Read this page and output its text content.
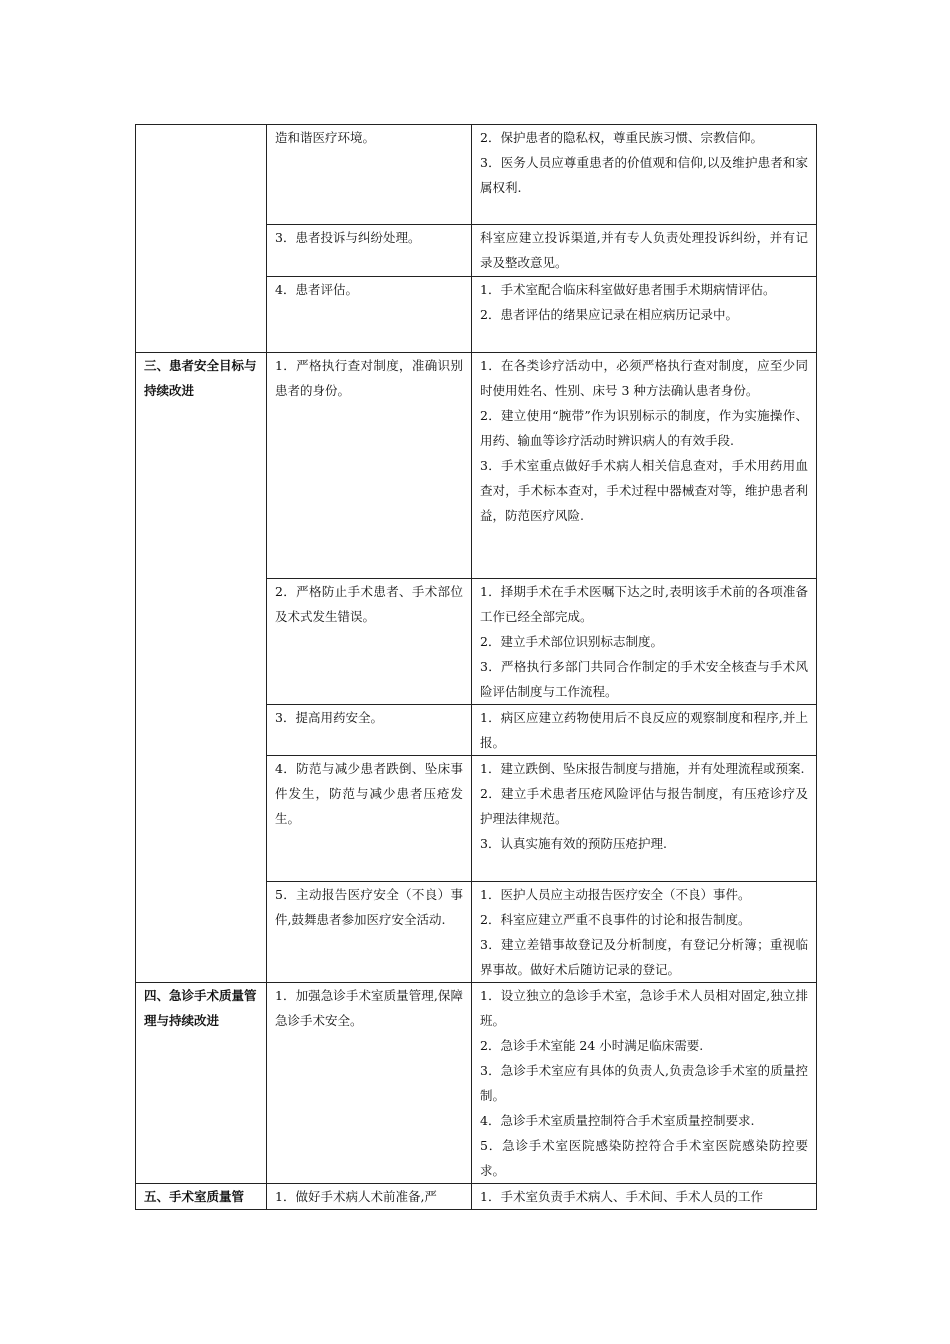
	造和谐医疗环境。	2．保护患者的隐私权，尊重民族习惯、宗教信仰。

3．医务人员应尊重患者的价值观和信仰,以及维护患者和家属权利.

	3．患者投诉与纠纷处理。	科室应建立投诉渠道,并有专人负责处理投诉纠纷，并有记录及整改意见。

	4．患者评估。	1．手术室配合临床科室做好患者围手术期病情评估。

2．患者评估的绪果应记录在相应病历记录中。

三、患者安全目标与持续改进	1．严格执行查对制度，准确识别患者的身份。	1．在各类诊疗活动中，必须严格执行查对制度，应至少同时使用姓名、性别、床号 3 种方法确认患者身份。

2．建立使用“腕带”作为识别标示的制度，作为实施操作、用药、输血等诊疗活动时辨识病人的有效手段.

3．手术室重点做好手术病人相关信息查对，手术用药用血查对，手术标本查对，手术过程中器械查对等，维护患者利益，防范医疗风险.

	2．严格防止手术患者、手术部位及术式发生错误。	1．择期手术在手术医嘱下达之时,表明该手术前的各项准备工作已经全部完成。

2．建立手术部位识别标志制度。

3．严格执行多部门共同合作制定的手术安全核查与手术风险评估制度与工作流程。

	3．提高用药安全。	1．病区应建立药物使用后不良反应的观察制度和程序,并上报。

	4．防范与减少患者跌倒、坠床事件发生，防范与减少患者压疮发生。	1．建立跌倒、坠床报告制度与措施，并有处理流程或预案.

2．建立手术患者压疮风险评估与报告制度，有压疮诊疗及护理法律规范。

3．认真实施有效的预防压疮护理.

	5．主动报告医疗安全（不良）事件,鼓舞患者参加医疗安全活动.	1．医护人员应主动报告医疗安全（不良）事件。

2．科室应建立严重不良事件的讨论和报告制度。

3．建立差错事故登记及分析制度，有登记分析簿；重视临界事故。做好术后随访记录的登记。

四、急诊手术质量管理与持续改进	1．加强急诊手术室质量管理,保障急诊手术安全。	1．设立独立的急诊手术室，急诊手术人员相对固定,独立排班。

2．急诊手术室能 24 小时满足临床需要.

3．急诊手术室应有具体的负责人,负责急诊手术室的质量控制。

4．急诊手术室质量控制符合手术室质量控制要求.

5．急诊手术室医院感染防控符合手术室医院感染防控要求。

五、手术室质量管	1．做好手术病人术前准备,严	1．手术室负责手术病人、手术间、手术人员的工作
